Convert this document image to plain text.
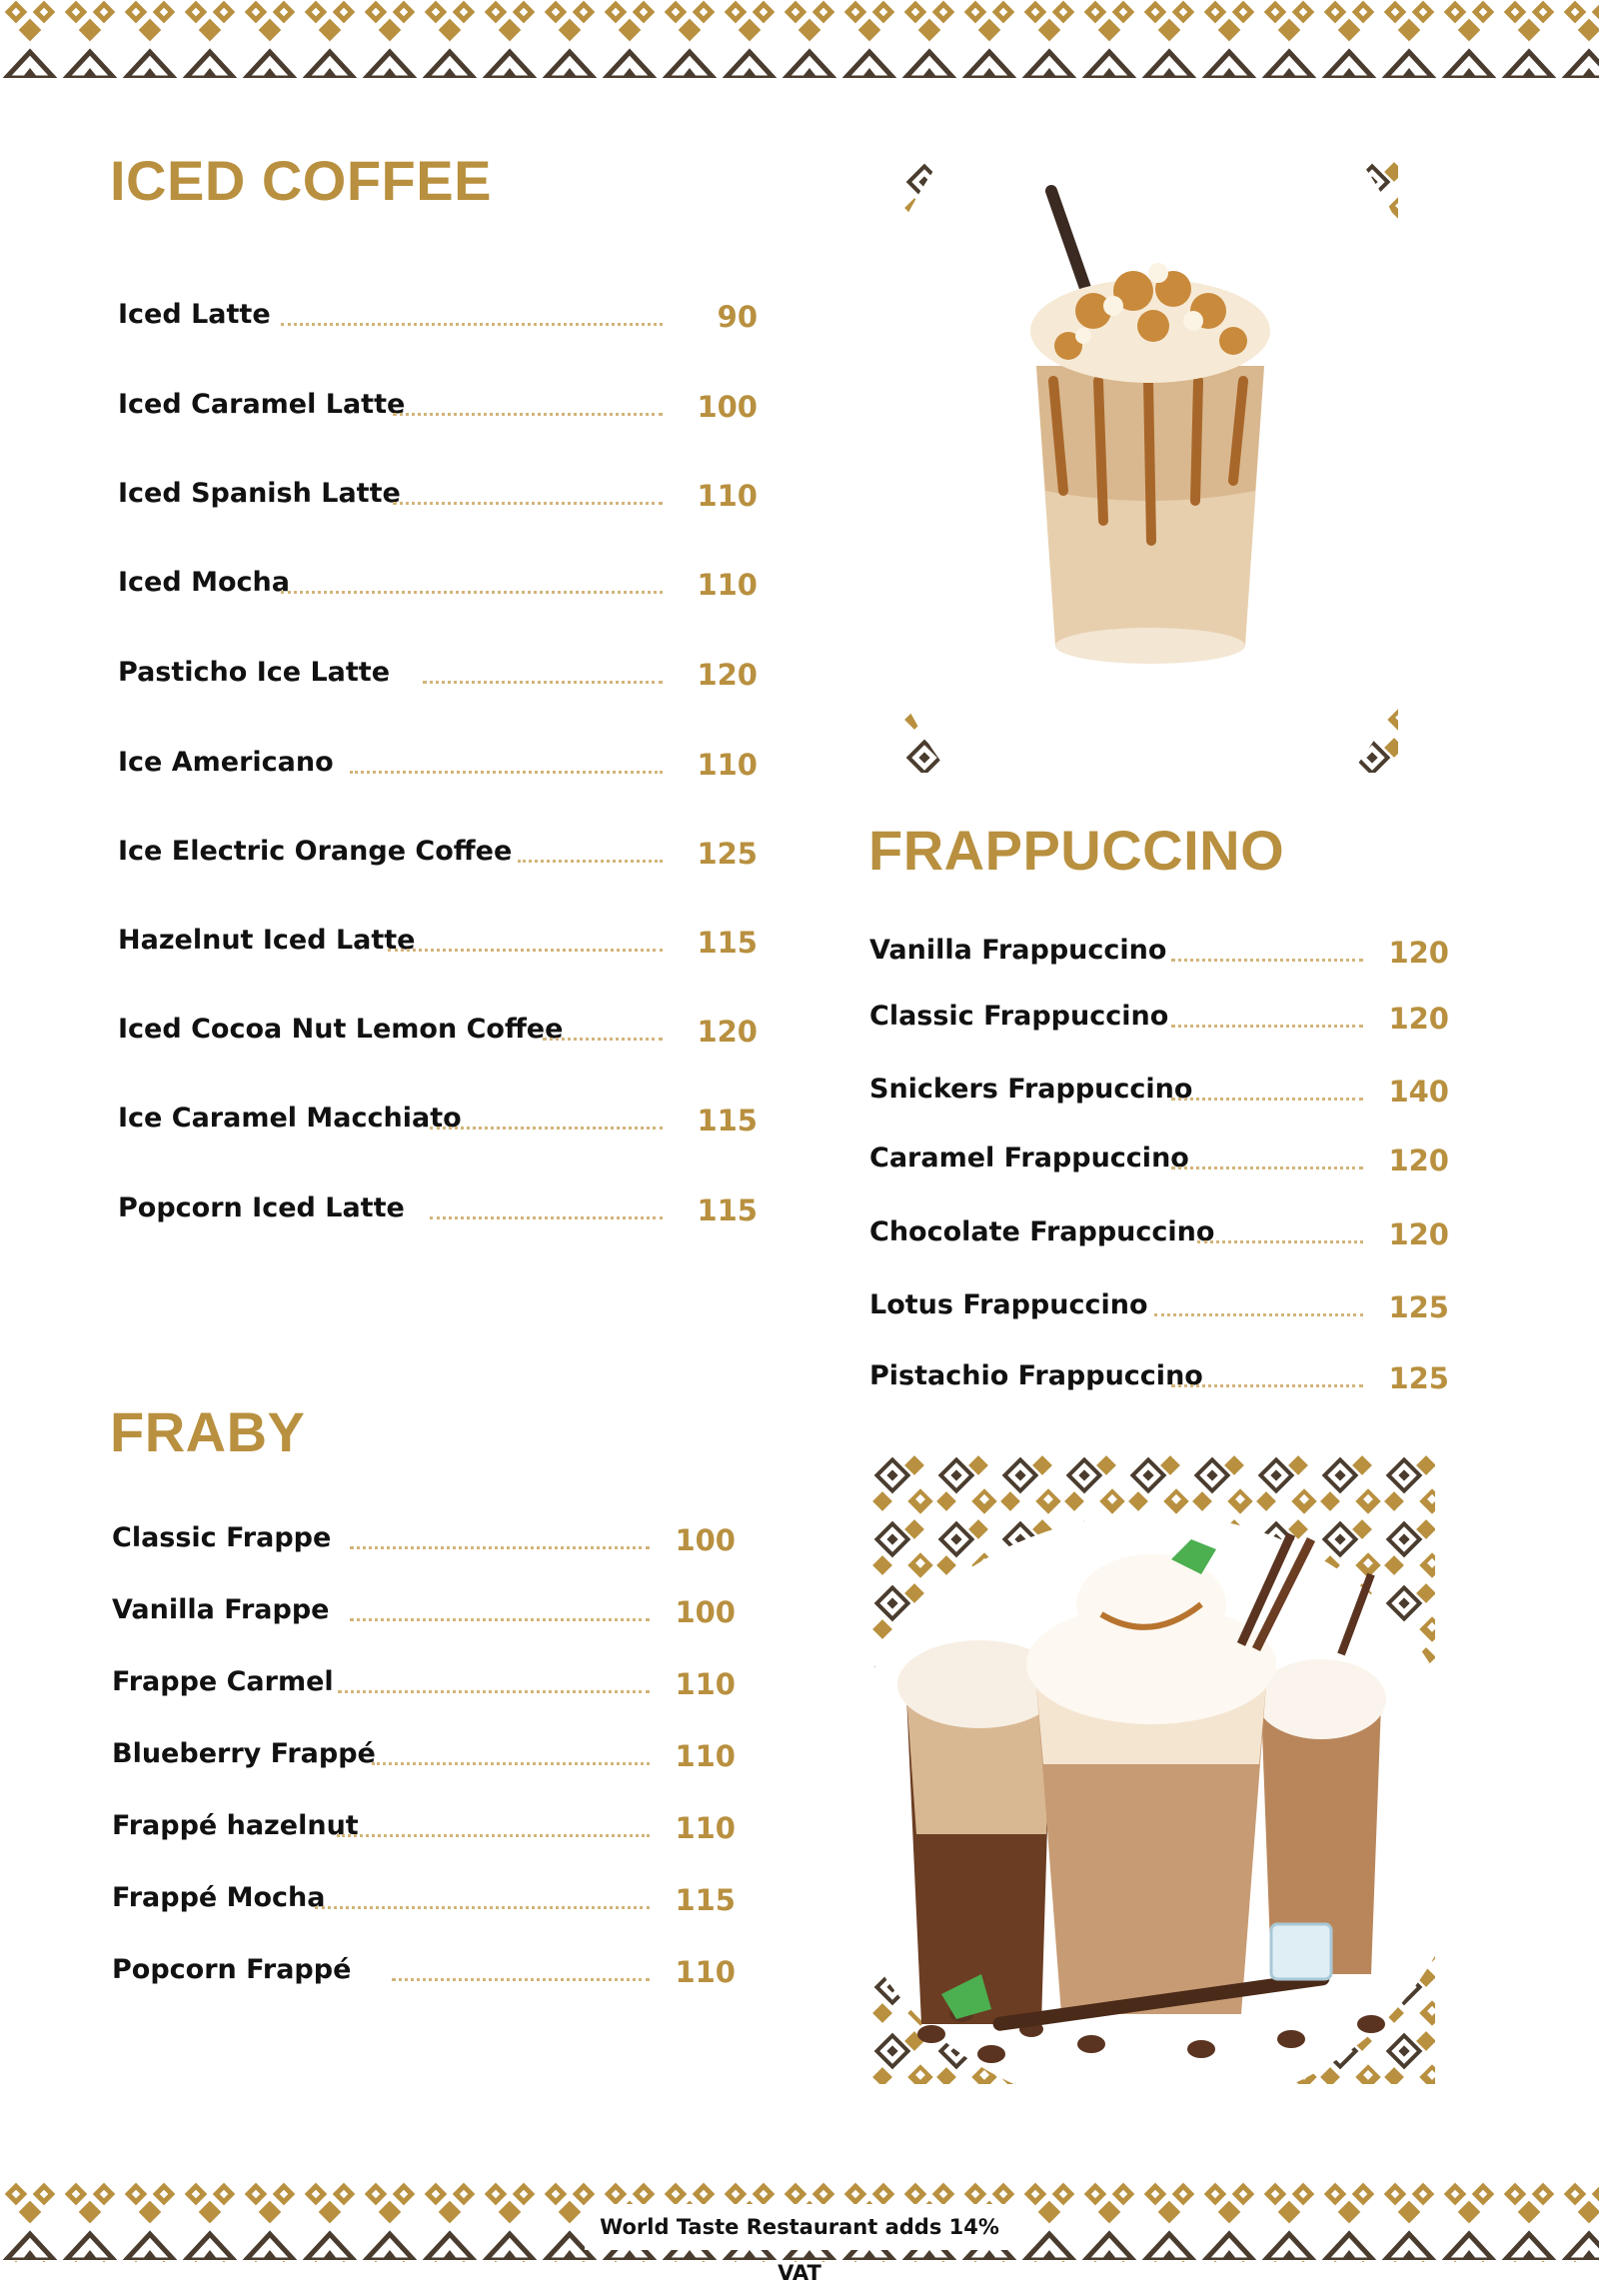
ICED COFFEE
Iced Latte	90
Iced Caramel Latte	100
Iced Spanish Latte	110
Iced Mocha	110
Pasticho Ice Latte	120
Ice Americano	110
Ice Electric Orange Coffee	125
Hazelnut Iced Latte	115
Iced Cocoa Nut Lemon Coffee	120
Ice Caramel Macchiato	115
Popcorn Iced Latte	115
FRABY
Classic Frappe	100
Vanilla Frappe	100
Frappe Carmel	110
Blueberry Frappé	110
Frappé hazelnut	110
Frappé Mocha	115
Popcorn Frappé	110
FRAPPUCCINO
Vanilla Frappuccino	120
Classic Frappuccino	120
Snickers Frappuccino	140
Caramel Frappuccino	120
Chocolate Frappuccino	120
Lotus Frappuccino	125
Pistachio Frappuccino	125
World Taste Restaurant adds 14% VAT
